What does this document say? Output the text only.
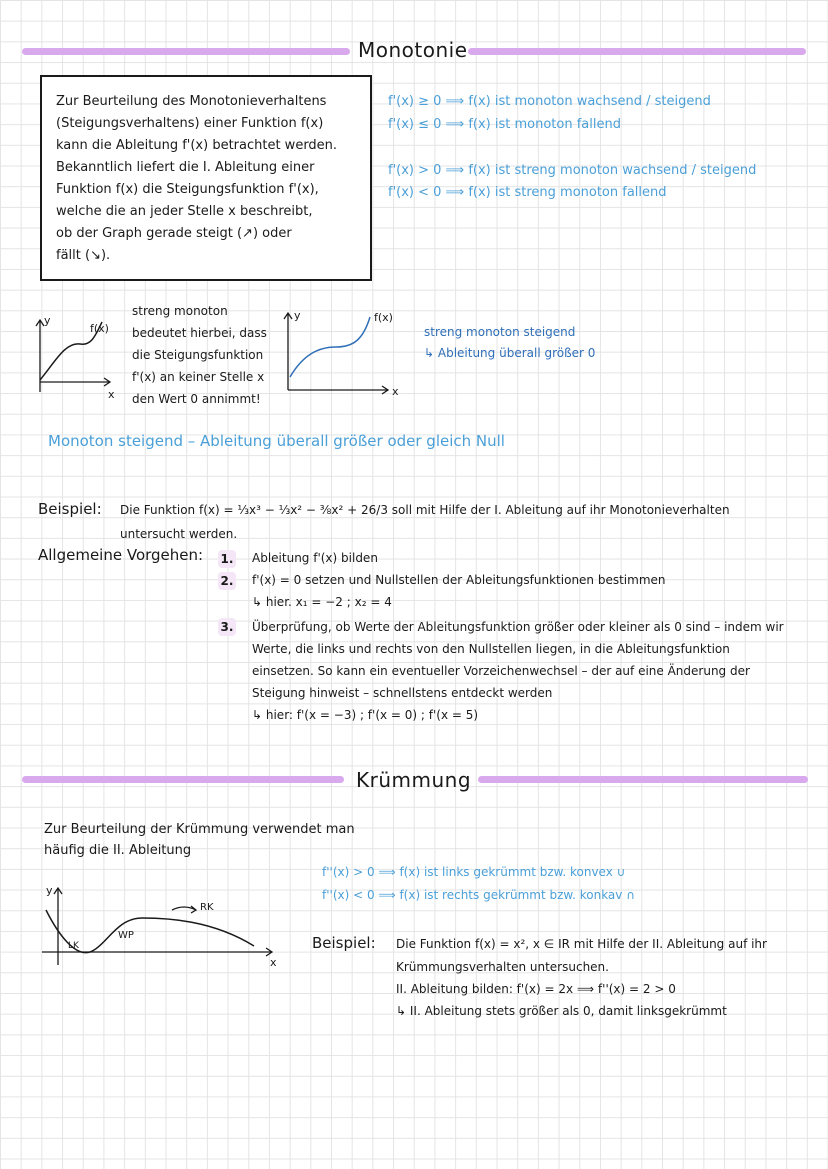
Monotonie
Zur Beurteilung des Monotonieverhaltens
(Steigungsverhaltens) einer Funktion f(x)
kann die Ableitung f'(x) betrachtet werden.
Bekanntlich liefert die I. Ableitung einer
Funktion f(x) die Steigungsfunktion f'(x),
welche die an jeder Stelle x beschreibt,
ob der Graph gerade steigt (↗) oder
fällt (↘).
f'(x) ≥ 0 ⟹ f(x) ist monoton wachsend / steigend
f'(x) ≤ 0 ⟹ f(x) ist monoton fallend
f'(x) > 0 ⟹ f(x) ist streng monoton wachsend / steigend
f'(x) < 0 ⟹ f(x) ist streng monoton fallend
y
f(x)
x
streng monoton
bedeutet hierbei, dass
die Steigungsfunktion
f'(x) an keiner Stelle x
den Wert 0 annimmt!
y	f(x)
x
streng monoton steigend
↳ Ableitung überall größer 0
Monoton steigend – Ableitung überall größer oder gleich Null
Beispiel: Die Funktion f(x) = ⅓x³ − ⅓x² − ⅜x² + 26/3 soll mit Hilfe der I. Ableitung auf ihr Monotonieverhalten
untersucht werden.
Allgemeine Vorgehen: 1. Ableitung f'(x) bilden
2. f'(x) = 0 setzen und Nullstellen der Ableitungsfunktionen bestimmen
↳ hier. x₁ = −2 ; x₂ = 4
3. Überprüfung, ob Werte der Ableitungsfunktion größer oder kleiner als 0 sind – indem wir
Werte, die links und rechts von den Nullstellen liegen, in die Ableitungsfunktion
einsetzen. So kann ein eventueller Vorzeichenwechsel – der auf eine Änderung der
Steigung hinweist – schnellstens entdeckt werden
↳ hier: f'(x = −3) ; f'(x = 0) ; f'(x = 5)
Krümmung
Zur Beurteilung der Krümmung verwendet man
häufig die II. Ableitung
f''(x) > 0 ⟹ f(x) ist links gekrümmt bzw. konvex ∪
f''(x) < 0 ⟹ f(x) ist rechts gekrümmt bzw. konkav ∩
y
x
LK
WP
RK
Beispiel: Die Funktion f(x) = x², x ∈ IR mit Hilfe der II. Ableitung auf ihr
Krümmungsverhalten untersuchen.
II. Ableitung bilden: f'(x) = 2x ⟹ f''(x) = 2 > 0
↳ II. Ableitung stets größer als 0, damit linksgekrümmt
